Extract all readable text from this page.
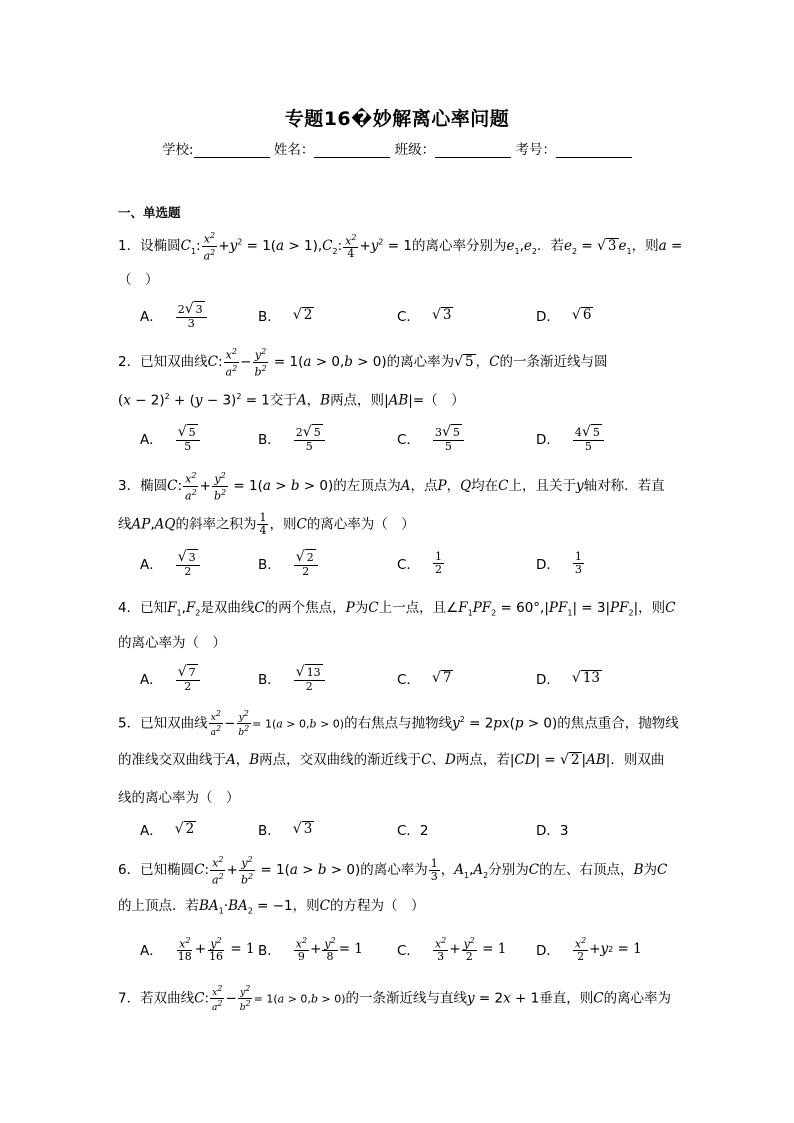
专题16�妙解离心率问题
学校:	姓名：	班级：	考号：
一、单选题
1．设椭圆$C_1$: $\frac{x^2}{a^2} +y^2 = 1(a > 1),C_2$: $\frac{x^2}{4} +y^2 = 1$的离心率分别为$e_1,e_2$．若$e_2$ = √ 3 $e_1$，则a =
（　）
A． $\frac{2 √ 3}{3}$	B． √ 2	C． √ 3	D． √ 6
2．已知双曲线C: $\frac{x^2}{a^2} - \frac{y^2}{b^2} = 1(a > 0,b > 0)$的离心率为 √ 5 ，C的一条渐近线与圆
$(x - 2)^2 + (y - 3)^2 = 1$交于A，B两点，则|AB|=（　）
A． $\frac{√ 5}{5}$	B． $\frac{2 √ 5}{5}$	C． $\frac{3 √ 5}{5}$	D． $\frac{4 √ 5}{5}$
3．椭圆C: $\frac{x^2}{a^2} + \frac{y^2}{b^2} = 1(a > b > 0)$的左顶点为A，点P，Q均在C上，且关于y轴对称．若直
线AP,AQ的斜率之积为 $\frac{1}{4}$ ，则C的离心率为（　）
A． $\frac{√ 3}{2}$	B． $\frac{√ 2}{2}$	C． $\frac{1}{2}$	D． $\frac{1}{3}$
4．已知$F_1,F_2$是双曲线C的两个焦点，P为C上一点，且$\angle F_1PF_2 = 60^\circ,|PF_1| = 3|PF_2|$，则C
的离心率为（　）
A． $\frac{√ 7}{2}$	B． $\frac{√ 13}{2}$	C． √ 7	D． √ 13
5．已知双曲线 $\frac{x^2}{a^2} - \frac{y^2}{b^2} = 1(a > 0,b > 0)$的右焦点与抛物线$y^2 = 2px(p > 0)$的焦点重合，抛物线
的准线交双曲线于A，B两点，交双曲线的渐近线于C、D两点，若|CD| = √ 2 |AB|．则双曲
线的离心率为（　）
A． √ 2	B． √ 3	C．2	D．3
6．已知椭圆C: $\frac{x^2}{a^2} + \frac{y^2}{b^2} = 1(a > b > 0)$的离心率为 $\frac{1}{3}$ ，$A_1,A_2$分别为C的左、右顶点，B为C
的上顶点．若$BA_1\cdot BA_2 = -1$，则C的方程为（　）
A． $\frac{x^2}{18} + \frac{y^2}{16} = 1$ B． $\frac{x^2}{9} + \frac{y^2}{8} = 1$	C． $\frac{x^2}{3} + \frac{y^2}{2} = 1$ D． $\frac{x^2}{2} + y$ 2 = 1
7．若双曲线C: $\frac{x^2}{a^2} - \frac{y^2}{b^2} = 1(a > 0,b > 0)$的一条渐近线与直线y = 2x + 1垂直，则C的离心率为
